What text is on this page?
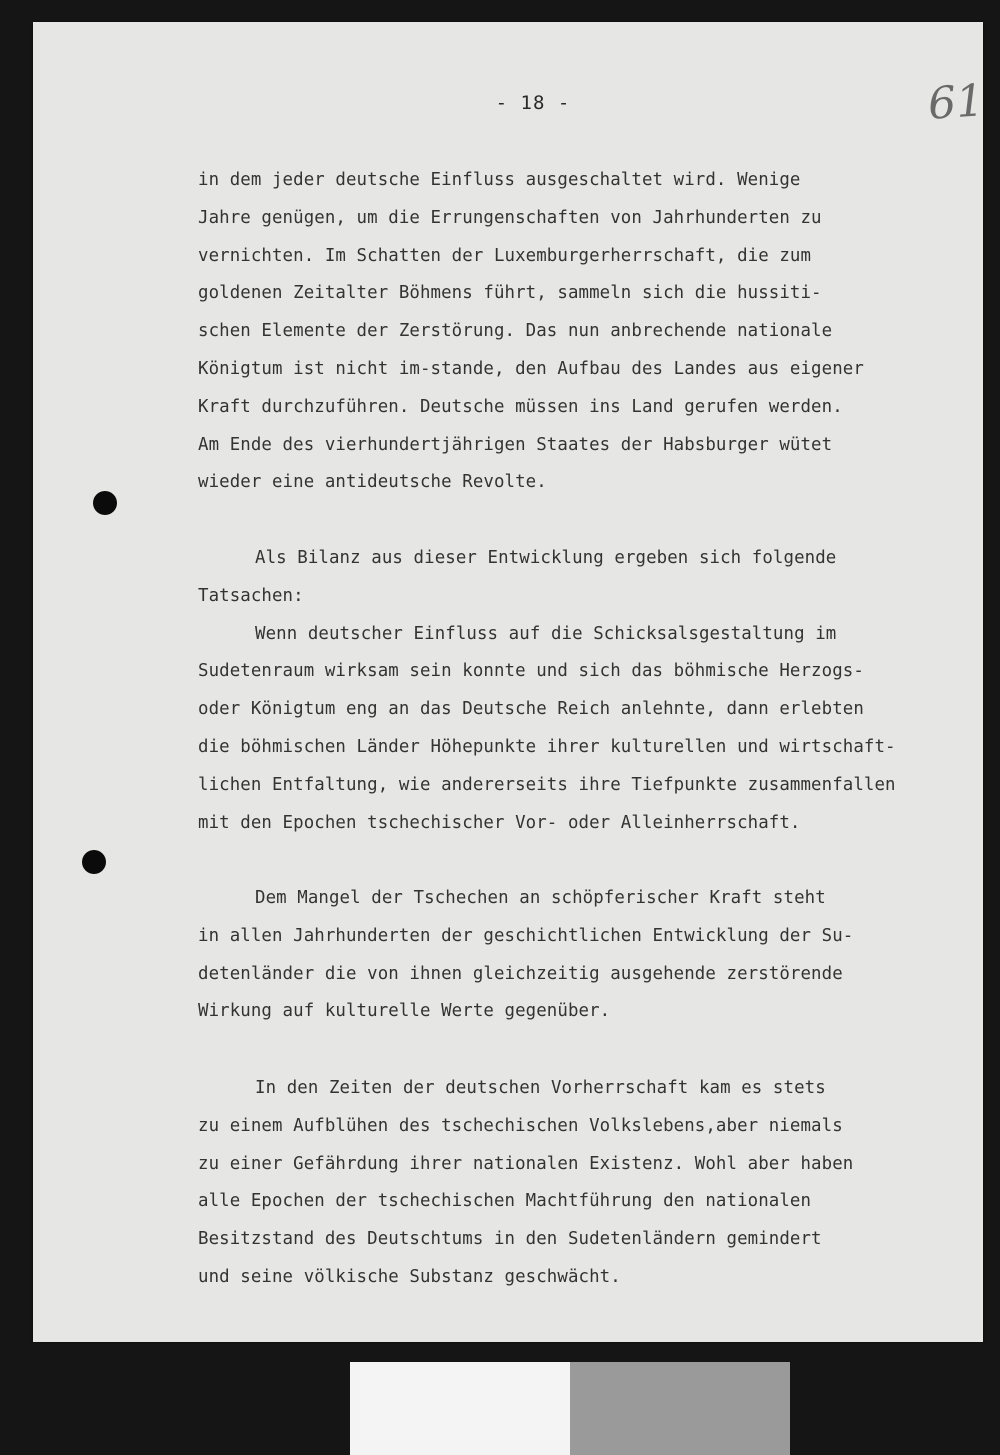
- 18 -	61
in dem jeder deutsche Einfluss ausgeschaltet wird. Wenige
Jahre genügen, um die Errungenschaften von Jahrhunderten zu
vernichten. Im Schatten der Luxemburgerherrschaft, die zum
goldenen Zeitalter Böhmens führt, sammeln sich die hussiti-
schen Elemente der Zerstörung. Das nun anbrechende nationale
Königtum ist nicht im-stande, den Aufbau des Landes aus eigener
Kraft durchzuführen. Deutsche müssen ins Land gerufen werden.
Am Ende des vierhundertjährigen Staates der Habsburger wütet
wieder eine antideutsche Revolte.
Als Bilanz aus dieser Entwicklung ergeben sich folgende
Tatsachen:
Wenn deutscher Einfluss auf die Schicksalsgestaltung im
Sudetenraum wirksam sein konnte und sich das böhmische Herzogs-
oder Königtum eng an das Deutsche Reich anlehnte, dann erlebten
die böhmischen Länder Höhepunkte ihrer kulturellen und wirtschaft-
lichen Entfaltung, wie andererseits ihre Tiefpunkte zusammenfallen
mit den Epochen tschechischer Vor- oder Alleinherrschaft.
Dem Mangel der Tschechen an schöpferischer Kraft steht
in allen Jahrhunderten der geschichtlichen Entwicklung der Su-
detenländer die von ihnen gleichzeitig ausgehende zerstörende
Wirkung auf kulturelle Werte gegenüber.
In den Zeiten der deutschen Vorherrschaft kam es stets
zu einem Aufblühen des tschechischen Volkslebens,aber niemals
zu einer Gefährdung ihrer nationalen Existenz. Wohl aber haben
alle Epochen der tschechischen Machtführung den nationalen
Besitzstand des Deutschtums in den Sudetenländern gemindert
und seine völkische Substanz geschwächt.
